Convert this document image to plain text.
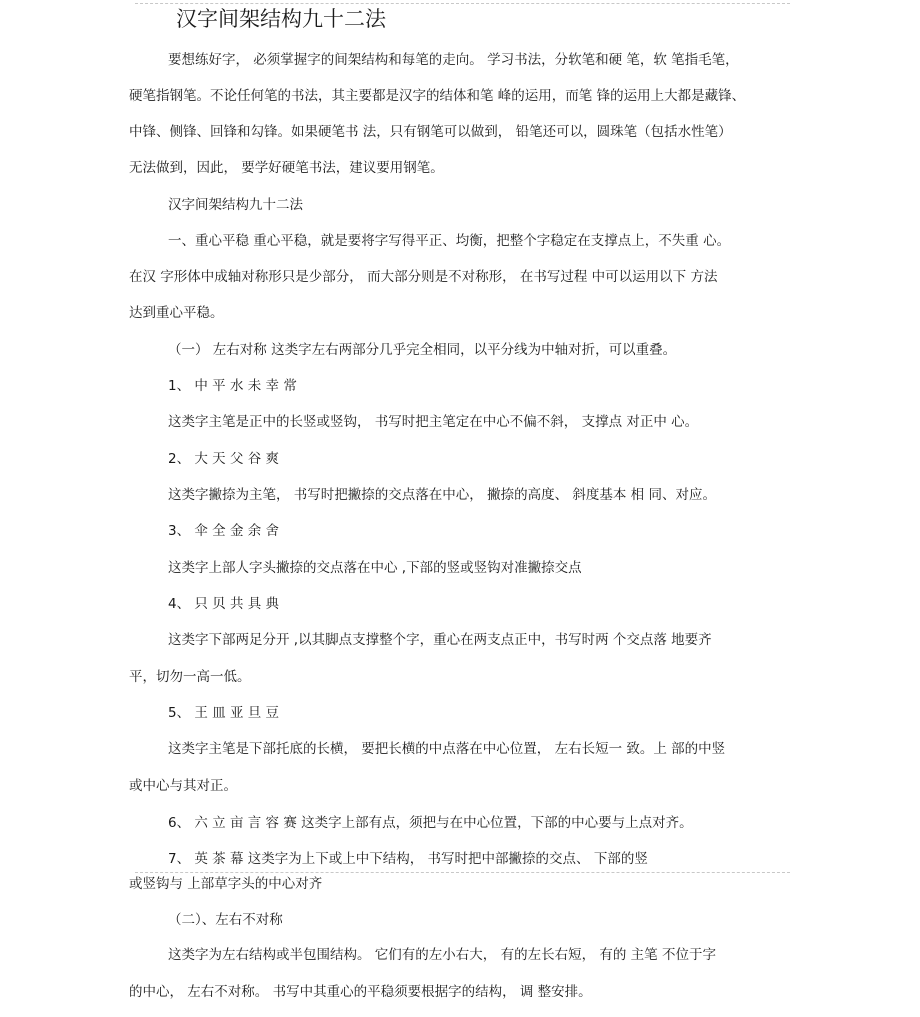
汉字间架结构九十二法
要想练好字， 必须掌握字的间架结构和每笔的走向。 学习书法，分软笔和硬 笔，软 笔指毛笔，
硬笔指钢笔。不论任何笔的书法，其主要都是汉字的结体和笔 峰的运用，而笔 锋的运用上大都是藏锋、
中锋、侧锋、回锋和勾锋。如果硬笔书 法，只有钢笔可以做到， 铅笔还可以，圆珠笔（包括水性笔）
无法做到，因此， 要学好硬笔书法，建议要用钢笔。
汉字间架结构九十二法
一、重心平稳 重心平稳，就是要将字写得平正、均衡，把整个字稳定在支撑点上，不失重 心。
在汉 字形体中成轴对称形只是少部分， 而大部分则是不对称形， 在书写过程 中可以运用以下 方法
达到重心平稳。
（一） 左右对称 这类字左右两部分几乎完全相同，以平分线为中轴对折，可以重叠。
1、 中 平 水 未 幸 常
这类字主笔是正中的长竖或竖钩， 书写时把主笔定在中心不偏不斜， 支撑点 对正中 心。
2、 大 天 父 谷 爽
这类字撇捺为主笔， 书写时把撇捺的交点落在中心， 撇捺的高度、 斜度基本 相 同、对应。
3、 伞 全 金 余 舍
这类字上部人字头撇捺的交点落在中心 ,下部的竖或竖钩对准撇捺交点
4、 只 贝 共 具 典
这类字下部两足分开 ,以其脚点支撑整个字，重心在两支点正中，书写时两 个交点落 地要齐
平，切勿一高一低。
5、 王 皿 亚 旦 豆
这类字主笔是下部托底的长横， 要把长横的中点落在中心位置， 左右长短一 致。上 部的中竖
或中心与其对正。
6、 六 立 亩 言 容 赛 这类字上部有点，须把与在中心位置，下部的中心要与上点对齐。
7、 英 茶 幕 这类字为上下或上中下结构， 书写时把中部撇捺的交点、 下部的竖
或竖钩与 上部草字头的中心对齐
（二）、左右不对称
这类字为左右结构或半包围结构。 它们有的左小右大， 有的左长右短， 有的 主笔 不位于字
的中心， 左右不对称。 书写中其重心的平稳须要根据字的结构， 调 整安排。
